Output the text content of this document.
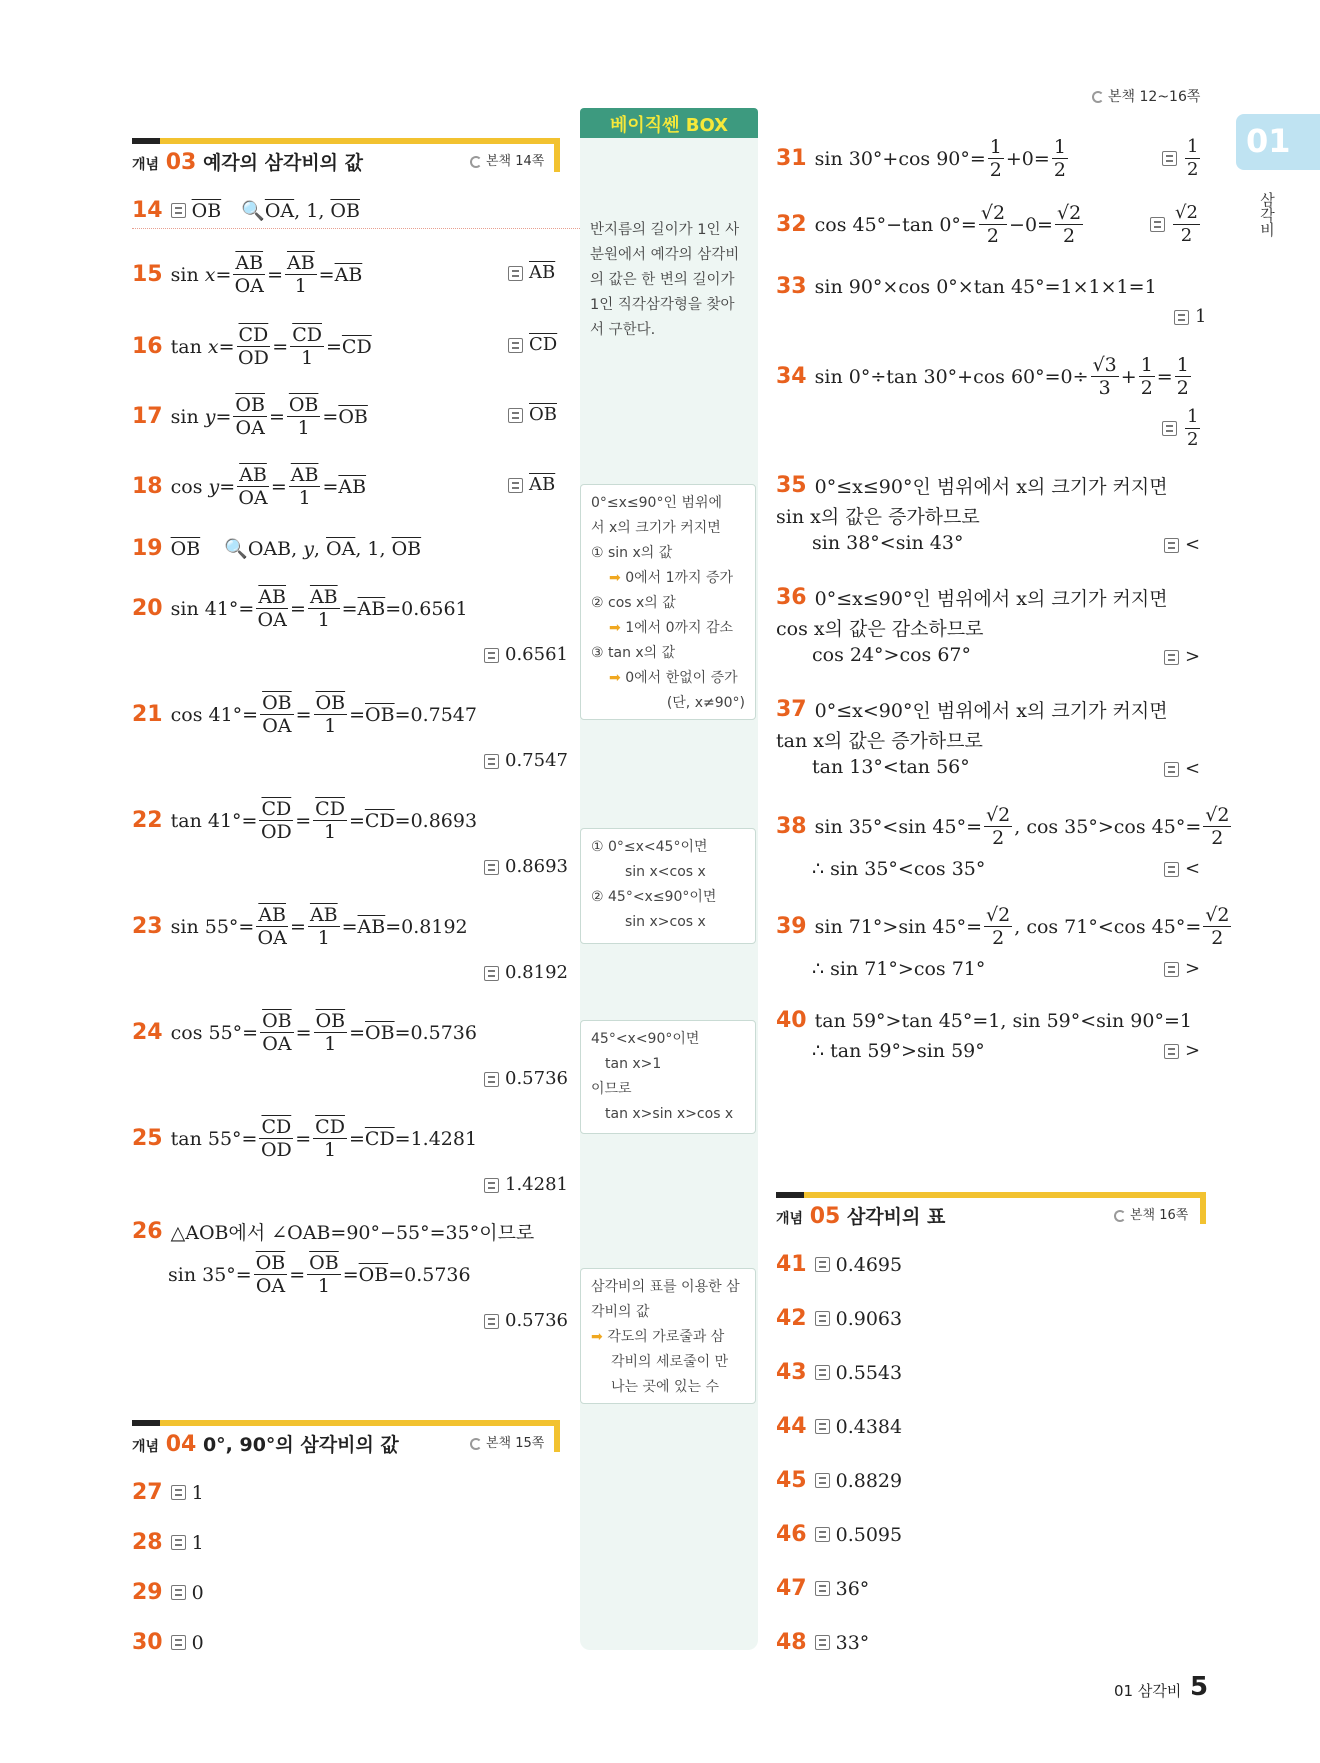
본책 12~16쪽
01
삼각비
베이직쎈 BOX
개념 03 예각의 삼각비의 값	본책 14쪽
14 $\overline{OB}$ 🔍 $\overline{OA}$, 1, $\overline{OB}$
15 $\sin x= \frac{\overline{AB}}{OA} = \frac{\overline{AB}}{1} = \overline{AB}$	$\overline{AB}$
16 $\tan x= \frac{\overline{CD}}{OD} = \frac{\overline{CD}}{1} = \overline{CD}$	$\overline{CD}$
17 $\sin y= \frac{\overline{OB}}{OA} = \frac{\overline{OB}}{1} = \overline{OB}$	$\overline{OB}$
18 $\cos y= \frac{\overline{AB}}{OA} = \frac{\overline{AB}}{1} = \overline{AB}$	$\overline{AB}$
19 $\overline{OB}$ 🔍 OAB, y, $\overline{OA}$, 1, $\overline{OB}$
20 $\sin 41^\circ= \frac{\overline{AB}}{OA} = \frac{\overline{AB}}{1} = \overline{AB} =0.6561$
0.6561
21 $\cos 41^\circ= \frac{\overline{OB}}{OA} = \frac{\overline{OB}}{1} = \overline{OB} =0.7547$
0.7547
22 $\tan 41^\circ= \frac{\overline{CD}}{OD} = \frac{\overline{CD}}{1} = \overline{CD} =0.8693$
0.8693
23 $\sin 55^\circ= \frac{\overline{AB}}{OA} = \frac{\overline{AB}}{1} = \overline{AB} =0.8192$
0.8192
24 $\cos 55^\circ= \frac{\overline{OB}}{OA} = \frac{\overline{OB}}{1} = \overline{OB} =0.5736$
0.5736
25 $\tan 55^\circ= \frac{\overline{CD}}{OD} = \frac{\overline{CD}}{1} = \overline{CD} =1.4281$
1.4281
26 △AOB에서 ∠OAB=90°−55°=35°이므로
$\sin 35^\circ= \frac{\overline{OB}}{OA} = \frac{\overline{OB}}{1} = \overline{OB} =0.5736$
0.5736
개념 04 0°, 90°의 삼각비의 값	본책 15쪽
27 1
28 1
29 0
30 0
반지름의 길이가 1인 사분원에서 예각의 삼각비의 값은 한 변의 길이가 1인 직각삼각형을 찾아서 구한다.
0°≤x≤90°인 범위에
서 x의 크기가 커지면
① sin x의 값
➡ 0에서 1까지 증가
② cos x의 값
➡ 1에서 0까지 감소
③ tan x의 값
➡ 0에서 한없이 증가
(단, x≠90°)
① 0°≤x<45°이면
sin x<cos x
② 45°<x≤90°이면
sin x>cos x
45°<x<90°이면
tan x>1
이므로
tan x>sin x>cos x
삼각비의 표를 이용한 삼
각비의 값
➡ 각도의 가로줄과 삼
각비의 세로줄이 만
나는 곳에 있는 수
31 sin 30°+cos $90^\circ= \frac{1}{2} +0= \frac{1}{2}$	$\frac{1}{2}$
32 cos 45°−tan $0^\circ= \frac{√2}{2} -0= \frac{√2}{2}$	$\frac{√2}{2}$
33 sin 90°×cos 0°×tan 45°=1×1×1=1
1
34 sin 0°÷tan 30°+cos $60^\circ=0\div \frac{√3}{3} + \frac{1}{2} = \frac{1}{2}$
$\frac{1}{2}$
35 0°≤x≤90°인 범위에서 x의 크기가 커지면
sin x의 값은 증가하므로
sin 38°<sin 43°	<
36 0°≤x≤90°인 범위에서 x의 크기가 커지면
cos x의 값은 감소하므로
cos 24°>cos 67°	>
37 0°≤x<90°인 범위에서 x의 크기가 커지면
tan x의 값은 증가하므로
tan 13°<tan 56°	<
38 sin 35°<sin $45^\circ= \frac{√2}{2}$ , cos 35°>cos $45^\circ= \frac{√2}{2}$
∴ sin 35°<cos 35°	<
39 sin 71°>sin $45^\circ= \frac{√2}{2}$ , cos 71°<cos $45^\circ= \frac{√2}{2}$
∴ sin 71°>cos 71°	>
40 tan 59°>tan 45°=1, sin 59°<sin 90°=1
∴ tan 59°>sin 59°	>
개념 05 삼각비의 표	본책 16쪽
41 0.4695
42 0.9063
43 0.5543
44 0.4384
45 0.8829
46 0.5095
47 36°
48 33°
01 삼각비 5
